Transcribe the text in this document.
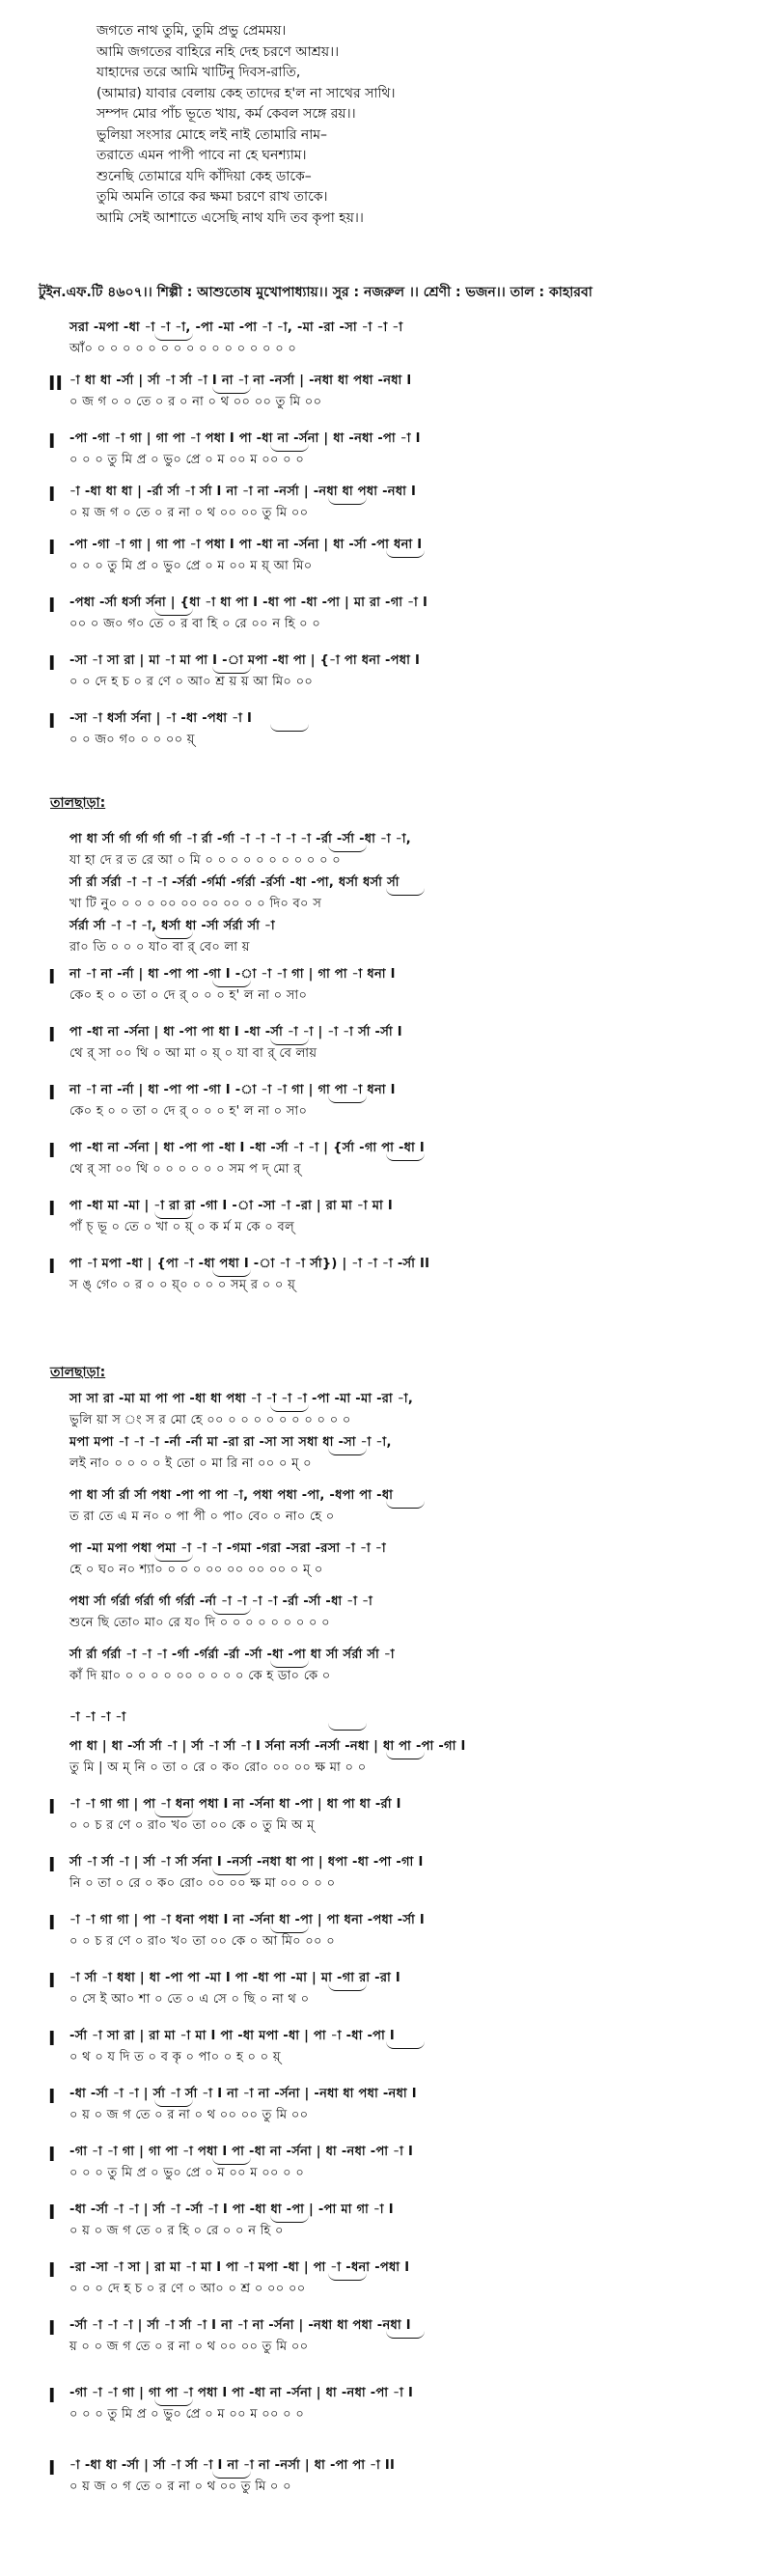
জগতে নাথ তুমি, তুমি প্রভু প্রেমময়।
আমি জগতের বাহিরে নহি দেহ চরণে আশ্রয়।।
যাহাদের তরে আমি খাটিনু দিবস-রাতি,
(আমার) যাবার বেলায় কেহ তাদের হ'ল না সাথের সাথি।
সম্পদ মোর পাঁচ ভূতে খায়, কর্ম কেবল সঙ্গে রয়।।
ভুলিয়া সংসার মোহে লই নাই তোমারি নাম–
তরাতে এমন পাপী পাবে না হে ঘনশ্যাম।
শুনেছি তোমারে যদি কাঁদিয়া কেহ ডাকে–
তুমি অমনি তারে কর ক্ষমা চরণে রাখ তাকে।
আমি সেই আশাতে এসেছি নাথ যদি তব কৃপা হয়।।
টুইন.এফ.টি ৪৬০৭।। শিল্পী : আশুতোষ মুখোপাধ্যায়।। সুর : নজরুল ।। শ্রেণী : ভজন।। তাল : কাহারবা
সরা -মপা -ধা -া -া -া, -পা -মা -পা -া -া, -মা -রা -সা -া -া -া
আঁ০ ০ ০ ০ ০ ০ ০ ০ ০ ০ ০ ০ ০ ০ ০ ০ ০
II -া ধা ধা -র্সা | র্সা -া র্সা -া I না -া না -নর্সা | -নধা ধা পধা -নধা I
০ জ গ ০ ০ তে ০ র ০ না ০ থ ০০ ০০ তু মি ০০
I -পা -গা -া গা | গা পা -া পধা I পা -ধা না -র্সনা | ধা -নধা -পা -া I
০ ০ ০ তু মি প্র ০ ভু০ প্রে ০ ম ০০ ম ০০ ০ ০
I -া -ধা ধা ধা | -র্রা র্সা -া র্সা I না -া না -নর্সা | -নধা ধা পধা -নধা I
০ য় জ গ ০ তে ০ র না ০ থ ০০ ০০ তু মি ০০
I -পা -গা -া গা | গা পা -া পধা I পা -ধা না -র্সনা | ধা -র্সা -পা ধনা I
০ ০ ০ তু মি প্র ০ ভু০ প্রে ০ ম ০০ ম য়্ আ মি০
I -পধা -র্সা ধর্সা র্সনা | {ধা -া ধা পা I -ধা পা -ধা -পা | মা রা -গা -া I
০০ ০ জ০ গ০ তে ০ র বা হি ০ রে ০০ ন হি ০ ০
I -সা -া সা রা | মা -া মা পা I -া মপা -ধা পা | {-া পা ধনা -পধা I
০ ০ দে হ চ ০ র ণে ০ আ০ শ্র য় য় আ মি০ ০০
I -সা -া ধর্সা র্সনা | -া -ধা -পধা -া I
০ ০ জ০ গ০ ০ ০ ০০ য়্
পা ধা র্সা র্গা র্গা র্গা র্গা -া র্রা -র্গা -া -া -া -া -া -র্রা -র্সা -ধা -া -া,
যা হা দে র ত রে আ ০ মি ০ ০ ০ ০ ০ ০ ০ ০ ০ ০ ০
র্সা র্রা র্সর্রা -া -া -া -র্সর্রা -র্গর্মা -র্গর্রা -র্রর্সা -ধা -পা, ধর্সা ধর্সা র্সা
খা টি নু০ ০ ০ ০ ০০ ০০ ০০ ০০ ০ ০ দি০ ব০ স
র্সর্রা র্সা -া -া -া, ধর্সা ধা -র্সা র্সর্রা র্সা -া
রা০ তি ০ ০ ০ যা০ বা র্ বে০ লা য়
I না -া না -র্না | ধা -পা পা -গা I -া -া -া গা | গা পা -া ধনা I
কে০ হ ০ ০ তা ০ দে র্ ০ ০ ০ হ' ল না ০ সা০
I পা -ধা না -র্সনা | ধা -পা পা ধা I -ধা -র্সা -া -া | -া -া র্সা -র্সা I
থে র্ সা ০০ থি ০ আ মা ০ য়্ ০ যা বা র্ বে লায়
I না -া না -র্না | ধা -পা পা -গা I -া -া -া গা | গা পা -া ধনা I
কে০ হ ০ ০ তা ০ দে র্ ০ ০ ০ হ' ল না ০ সা০
I পা -ধা না -র্সনা | ধা -পা পা -ধা I -ধা -র্সা -া -া | {র্সা -গা পা -ধা I
থে র্ সা ০০ থি ০ ০ ০ ০ ০ ০ সম প দ্ মো র্
I পা -ধা মা -মা | -া রা রা -গা I -া -সা -া -রা | রা মা -া মা I
পাঁ চ্ ভূ ০ তে ০ খা ০ য়্ ০ ক র্ম ম কে ০ বল্
I পা -া মপা -ধা | {পা -া -ধা পধা I -া -া -া র্সা}) | -া -া -া -র্সা II
স ঙ্ গে০ ০ র ০ ০ য়্০ ০ ০ ০ সম্ র ০ ০ য়্
সা সা রা -মা মা পা পা -ধা ধা পধা -া -া -া -া -পা -মা -মা -রা -া,
ভুলি য়া স ং স র মো হে ০০ ০ ০ ০ ০ ০ ০ ০ ০ ০ ০
মপা মপা -া -া -া -র্না -র্না মা -রা রা -সা সা সধা ধা -সা -া -া,
লই না০ ০ ০ ০ ০ ই তো ০ মা রি না ০০ ০ ম্ ০
পা ধা র্সা র্রা র্সা পধা -পা পা পা -া, পধা পধা -পা, -ধপা পা -ধা
ত রা তে এ ম ন০ ০ পা পী ০ পা০ বে০ ০ না০ হে ০
পা -মা মপা পধা পমা -া -া -া -গমা -গরা -সরা -রসা -া -া -া
হে ০ ঘ০ ন০ শ্যা০ ০ ০ ০ ০০ ০০ ০০ ০০ ০ ম্ ০
পধা র্সা র্গর্রা র্গর্রা র্গা র্গর্রা -র্না -া -া -া -া -র্রা -র্সা -ধা -া -া
শুনে ছি তো০ মা০ রে য০ দি ০ ০ ০ ০ ০ ০ ০ ০ ০
র্সা র্রা র্গর্রা -া -া -া -র্গা -র্গর্রা -র্রা -র্সা -ধা -পা ধা র্সা র্সর্রা র্সা -া
কাঁ দি য়া০ ০ ০ ০ ০ ০০ ০ ০ ০ ০ কে হ ডা০ কে ০
-া -া -া -া
পা ধা | ধা -র্সা র্সা -া | র্সা -া র্সা -া I র্সনা নর্সা -নর্সা -নধা | ধা পা -পা -গা I
তু মি | অ ম্ নি ০ তা ০ রে ০ ক০ রো০ ০০ ০০ ক্ষ মা ০ ০
I -া -া গা গা | পা -া ধনা পধা I না -র্সনা ধা -পা | ধা পা ধা -র্রা I
০ ০ চ র ণে ০ রা০ খ০ তা ০০ কে ০ তু মি অ ম্
I র্সা -া র্সা -া | র্সা -া র্সা র্সনা I -নর্সা -নধা ধা পা | ধপা -ধা -পা -গা I
নি ০ তা ০ রে ০ ক০ রো০ ০০ ০০ ক্ষ মা ০০ ০ ০ ০
I -া -া গা গা | পা -া ধনা পধা I না -র্সনা ধা -পা | পা ধনা -পধা -র্সা I
০ ০ চ র ণে ০ রা০ খ০ তা ০০ কে ০ আ মি০ ০০ ০
I -া র্সা -া ধধা | ধা -পা পা -মা I পা -ধা পা -মা | মা -গা রা -রা I
০ সে ই আ০ শা ০ তে ০ এ সে ০ ছি ০ না থ ০
I -র্সা -া সা রা | রা মা -া মা I পা -ধা মপা -ধা | পা -া -ধা -পা I
০ থ ০ য দি ত ০ ব কৃ ০ পা০ ০ হ ০ ০ য়্
I -ধা -র্সা -া -া | র্সা -া র্সা -া I না -া না -র্সনা | -নধা ধা পধা -নধা I
০ য় ০ জ গ তে ০ র না ০ থ ০০ ০০ তু মি ০০
I -গা -া -া গা | গা পা -া পধা I পা -ধা না -র্সনা | ধা -নধা -পা -া I
০ ০ ০ তু মি প্র ০ ভু০ প্রে ০ ম ০০ ম ০০ ০ ০
I -ধা -র্সা -া -া | র্সা -া -র্সা -া I পা -ধা ধা -পা | -পা মা গা -া I
০ য় ০ জ গ তে ০ র হি ০ রে ০ ০ ন হি ০
I -রা -সা -া সা | রা মা -া মা I পা -া মপা -ধা | পা -া -ধনা -পধা I
০ ০ ০ দে হ চ ০ র ণে ০ আ০ ০ শ্র ০ ০০ ০০
I -র্সা -া -া -া | র্সা -া র্সা -া I না -া না -র্সনা | -নধা ধা পধা -নধা I
য় ০ ০ জ গ তে ০ র না ০ থ ০০ ০০ তু মি ০০
I -গা -া -া গা | গা পা -া পধা I পা -ধা না -র্সনা | ধা -নধা -পা -া I
০ ০ ০ তু মি প্র ০ ভু০ প্রে ০ ম ০০ ম ০০ ০ ০
I -া -ধা ধা -র্সা | র্সা -া র্সা -া I না -া না -নর্সা | ধা -পা পা -া II
০ য় জ ০ গ তে ০ র না ০ থ ০০ তু মি ০ ০
তালছাড়া:
তালছাড়া:
